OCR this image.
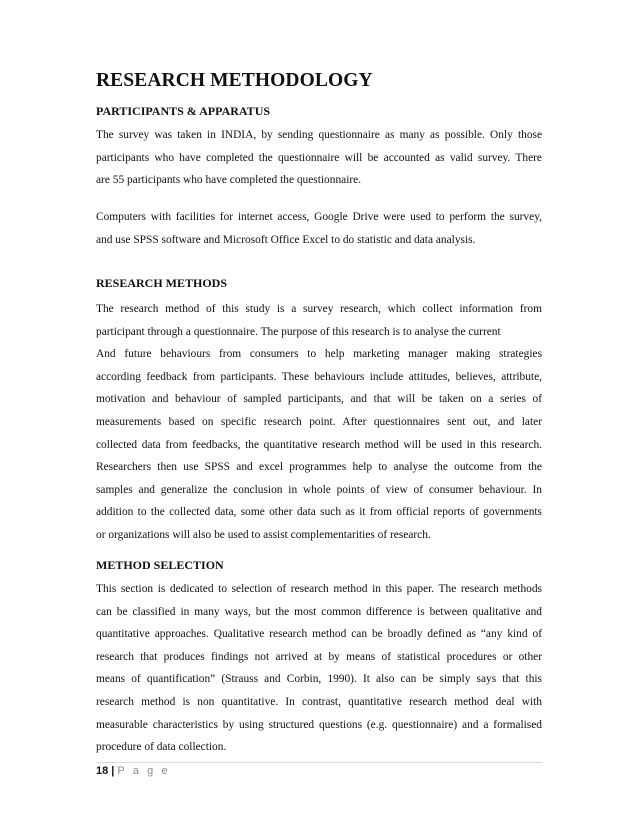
RESEARCH METHODOLOGY
PARTICIPANTS & APPARATUS
The survey was taken in INDIA, by sending questionnaire as many as possible. Only those
participants who have completed the questionnaire will be accounted as valid survey. There
are 55 participants who have completed the questionnaire.
Computers with facilities for internet access, Google Drive were used to perform the survey,
and use SPSS software and Microsoft Office Excel to do statistic and data analysis.
RESEARCH METHODS
The research method of this study is a survey research, which collect information from
participant through a questionnaire. The purpose of this research is to analyse the current
And future behaviours from consumers to help marketing manager making strategies
according feedback from participants. These behaviours include attitudes, believes, attribute,
motivation and behaviour of sampled participants, and that will be taken on a series of
measurements based on specific research point. After questionnaires sent out, and later
collected data from feedbacks, the quantitative research method will be used in this research.
Researchers then use SPSS and excel programmes help to analyse the outcome from the
samples and generalize the conclusion in whole points of view of consumer behaviour. In
addition to the collected data, some other data such as it from official reports of governments
or organizations will also be used to assist complementarities of research.
METHOD SELECTION
This section is dedicated to selection of research method in this paper. The research methods
can be classified in many ways, but the most common difference is between qualitative and
quantitative approaches. Qualitative research method can be broadly defined as “any kind of
research that produces findings not arrived at by means of statistical procedures or other
means of quantification” (Strauss and Corbin, 1990). It also can be simply says that this
research method is non quantitative. In contrast, quantitative research method deal with
measurable characteristics by using structured questions (e.g. questionnaire) and a formalised
procedure of data collection.
18 | P a g e
